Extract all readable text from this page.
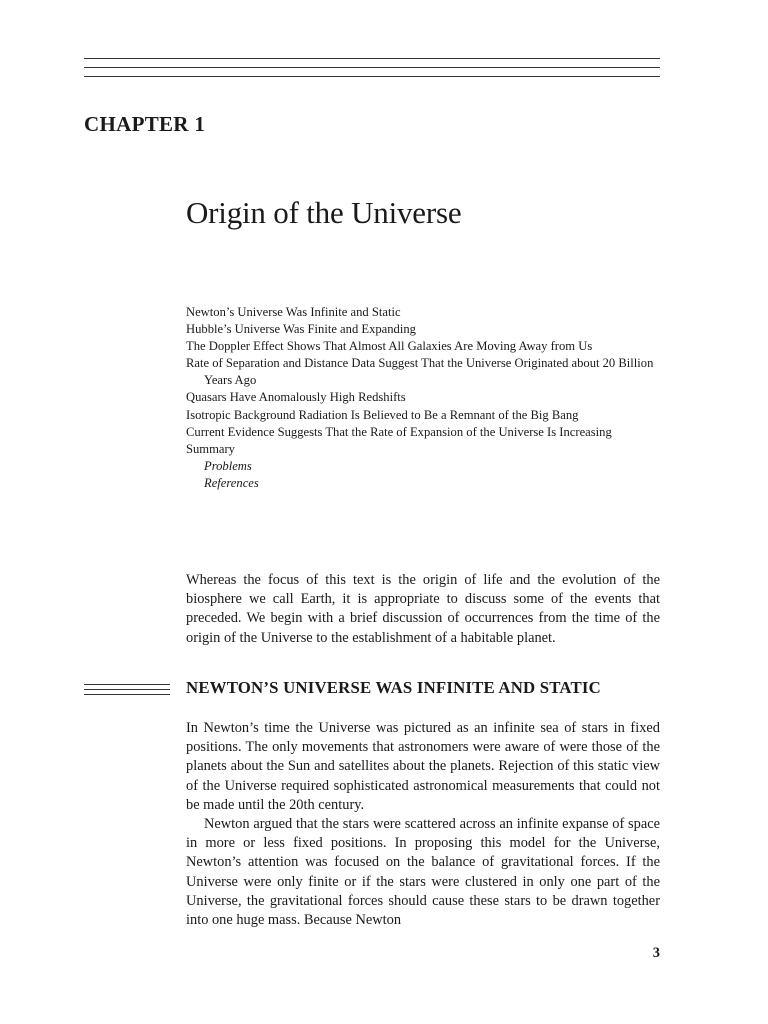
CHAPTER 1
Origin of the Universe
Newton’s Universe Was Infinite and Static
Hubble’s Universe Was Finite and Expanding
The Doppler Effect Shows That Almost All Galaxies Are Moving Away from Us
Rate of Separation and Distance Data Suggest That the Universe Originated about 20 Billion
Years Ago
Quasars Have Anomalously High Redshifts
Isotropic Background Radiation Is Believed to Be a Remnant of the Big Bang
Current Evidence Suggests That the Rate of Expansion of the Universe Is Increasing
Summary
Problems
References

Whereas the focus of this text is the origin of life and the evolution of the biosphere we call Earth, it is appropriate to discuss some of the events that preceded. We begin with a brief discussion of occurrences from the time of the origin of the Universe to the establishment of a habitable planet.

NEWTON’S UNIVERSE WAS INFINITE AND STATIC

In Newton’s time the Universe was pictured as an infinite sea of stars in fixed positions. The only movements that astronomers were aware of were those of the planets about the Sun and satellites about the planets. Rejection of this static view of the Universe required sophisticated astronomical measurements that could not be made until the 20th century.

Newton argued that the stars were scattered across an infinite expanse of space in more or less fixed positions. In proposing this model for the Universe, Newton’s attention was focused on the balance of gravitational forces. If the Universe were only finite or if the stars were clustered in only one part of the Universe, the gravitational forces should cause these stars to be drawn together into one huge mass. Because Newton

3
